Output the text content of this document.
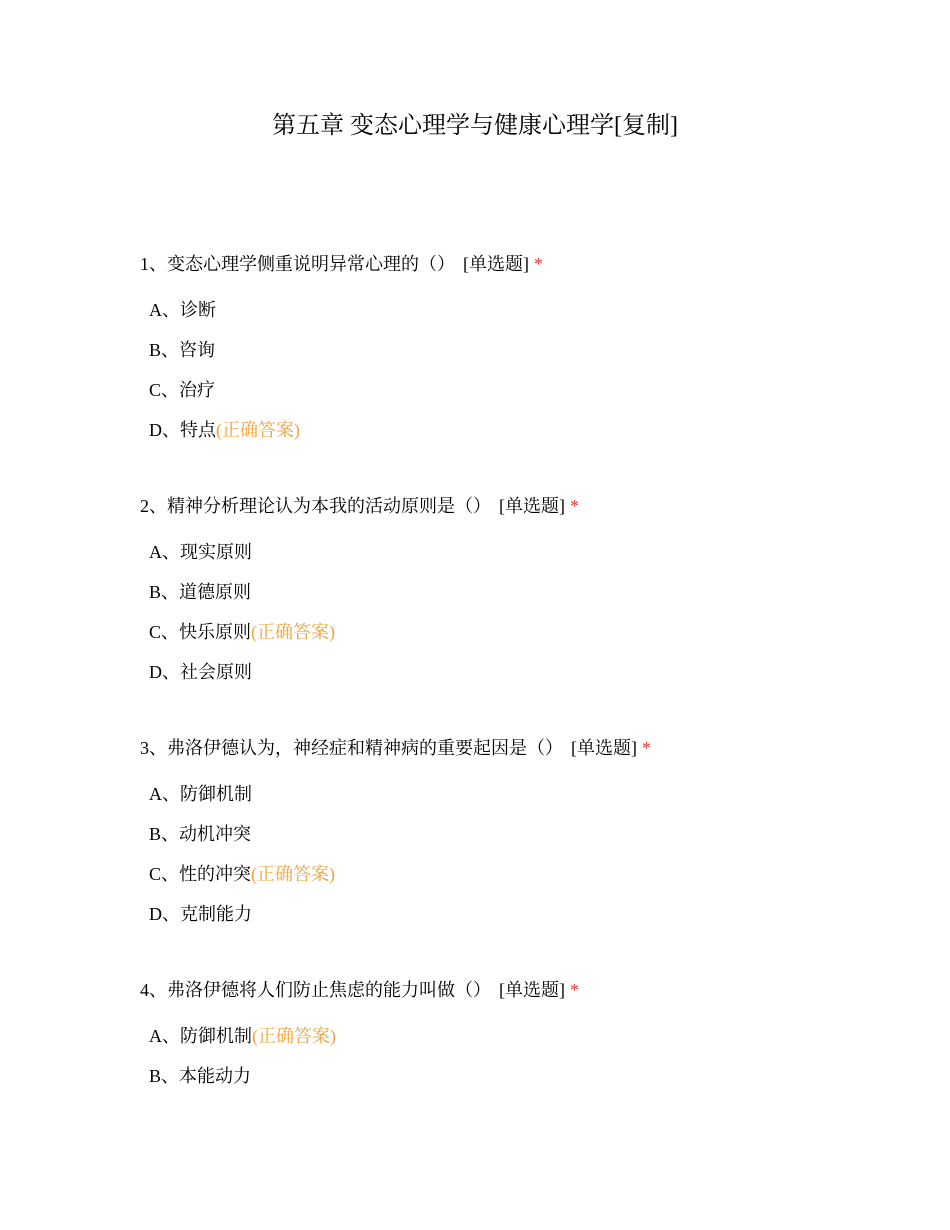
第五章 变态心理学与健康心理学[复制]
1、变态心理学侧重说明异常心理的（） [单选题] *
A、诊断
B、咨询
C、治疗
D、特点(正确答案)
2、精神分析理论认为本我的活动原则是（） [单选题] *
A、现实原则
B、道德原则
C、快乐原则(正确答案)
D、社会原则
3、弗洛伊德认为，神经症和精神病的重要起因是（） [单选题] *
A、防御机制
B、动机冲突
C、性的冲突(正确答案)
D、克制能力
4、弗洛伊德将人们防止焦虑的能力叫做（） [单选题] *
A、防御机制(正确答案)
B、本能动力
